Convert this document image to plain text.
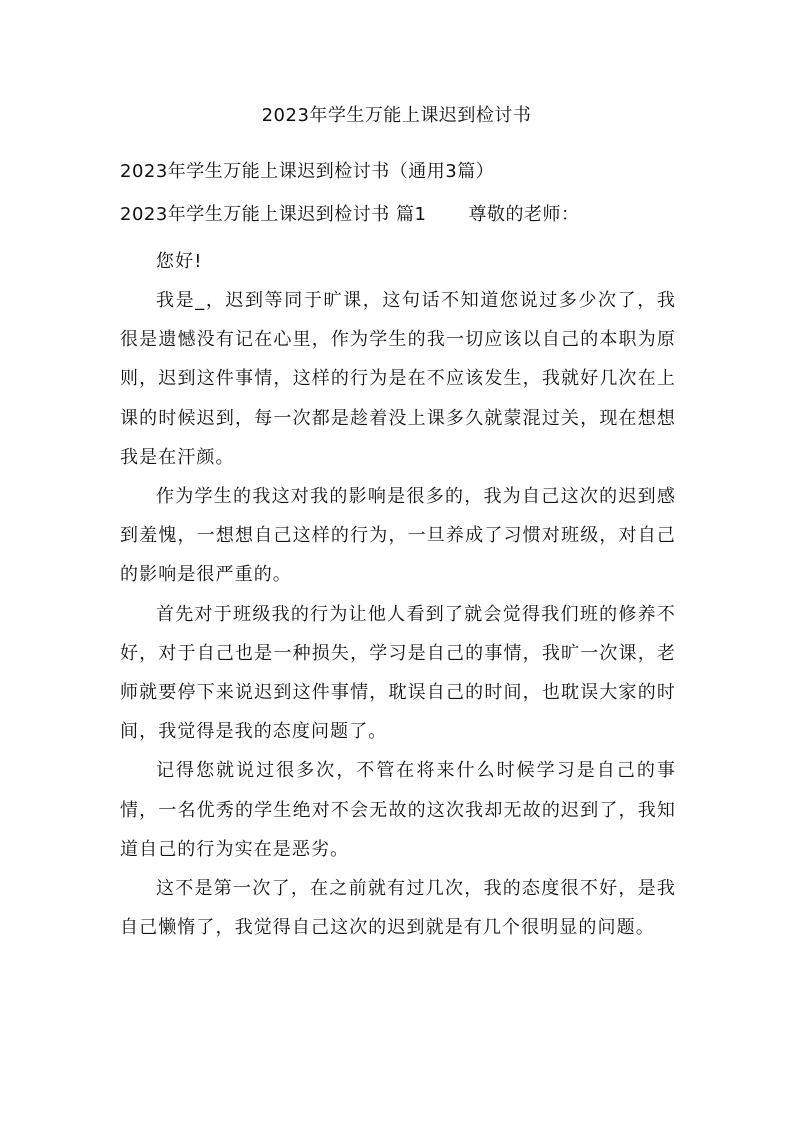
2023年学生万能上课迟到检讨书
2023年学生万能上课迟到检讨书（通用3篇）
2023年学生万能上课迟到检讨书 篇1 尊敬的老师：

您好!

我是_，迟到等同于旷课，这句话不知道您说过多少次了，我很是遗憾没有记在心里，作为学生的我一切应该以自己的本职为原则，迟到这件事情，这样的行为是在不应该发生，我就好几次在上课的时候迟到，每一次都是趁着没上课多久就蒙混过关，现在想想我是在汗颜。

作为学生的我这对我的影响是很多的，我为自己这次的迟到感到羞愧，一想想自己这样的行为，一旦养成了习惯对班级，对自己的影响是很严重的。

首先对于班级我的行为让他人看到了就会觉得我们班的修养不好，对于自己也是一种损失，学习是自己的事情，我旷一次课，老师就要停下来说迟到这件事情，耽误自己的时间，也耽误大家的时间，我觉得是我的态度问题了。

记得您就说过很多次，不管在将来什么时候学习是自己的事情，一名优秀的学生绝对不会无故的这次我却无故的迟到了，我知道自己的行为实在是恶劣。

这不是第一次了，在之前就有过几次，我的态度很不好，是我自己懒惰了，我觉得自己这次的迟到就是有几个很明显的问题。
